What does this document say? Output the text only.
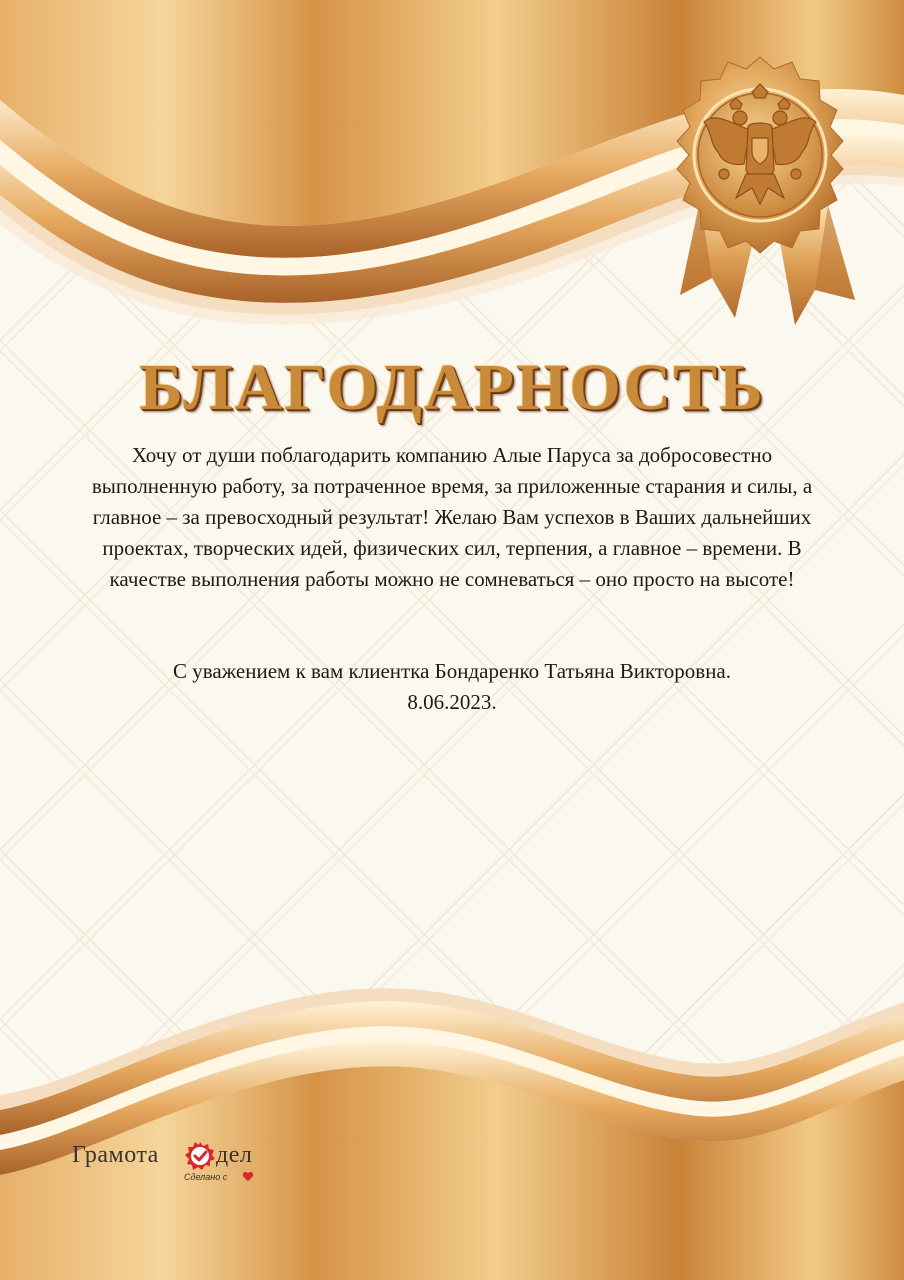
БЛАГОДАРНОСТЬ
Хочу от души поблагодарить компанию Алые Паруса за добросовестно выполненную работу, за потраченное время, за приложенные старания и силы, а главное – за превосходный результат! Желаю Вам успехов в Ваших дальнейших проектах, творческих идей, физических сил, терпения, а главное – времени. В качестве выполнения работы можно не сомневаться – оно просто на высоте!
С уважением к вам клиентка Бондаренко Татьяна Викторовна.
8.06.2023.
Грамота дел
Сделано с
